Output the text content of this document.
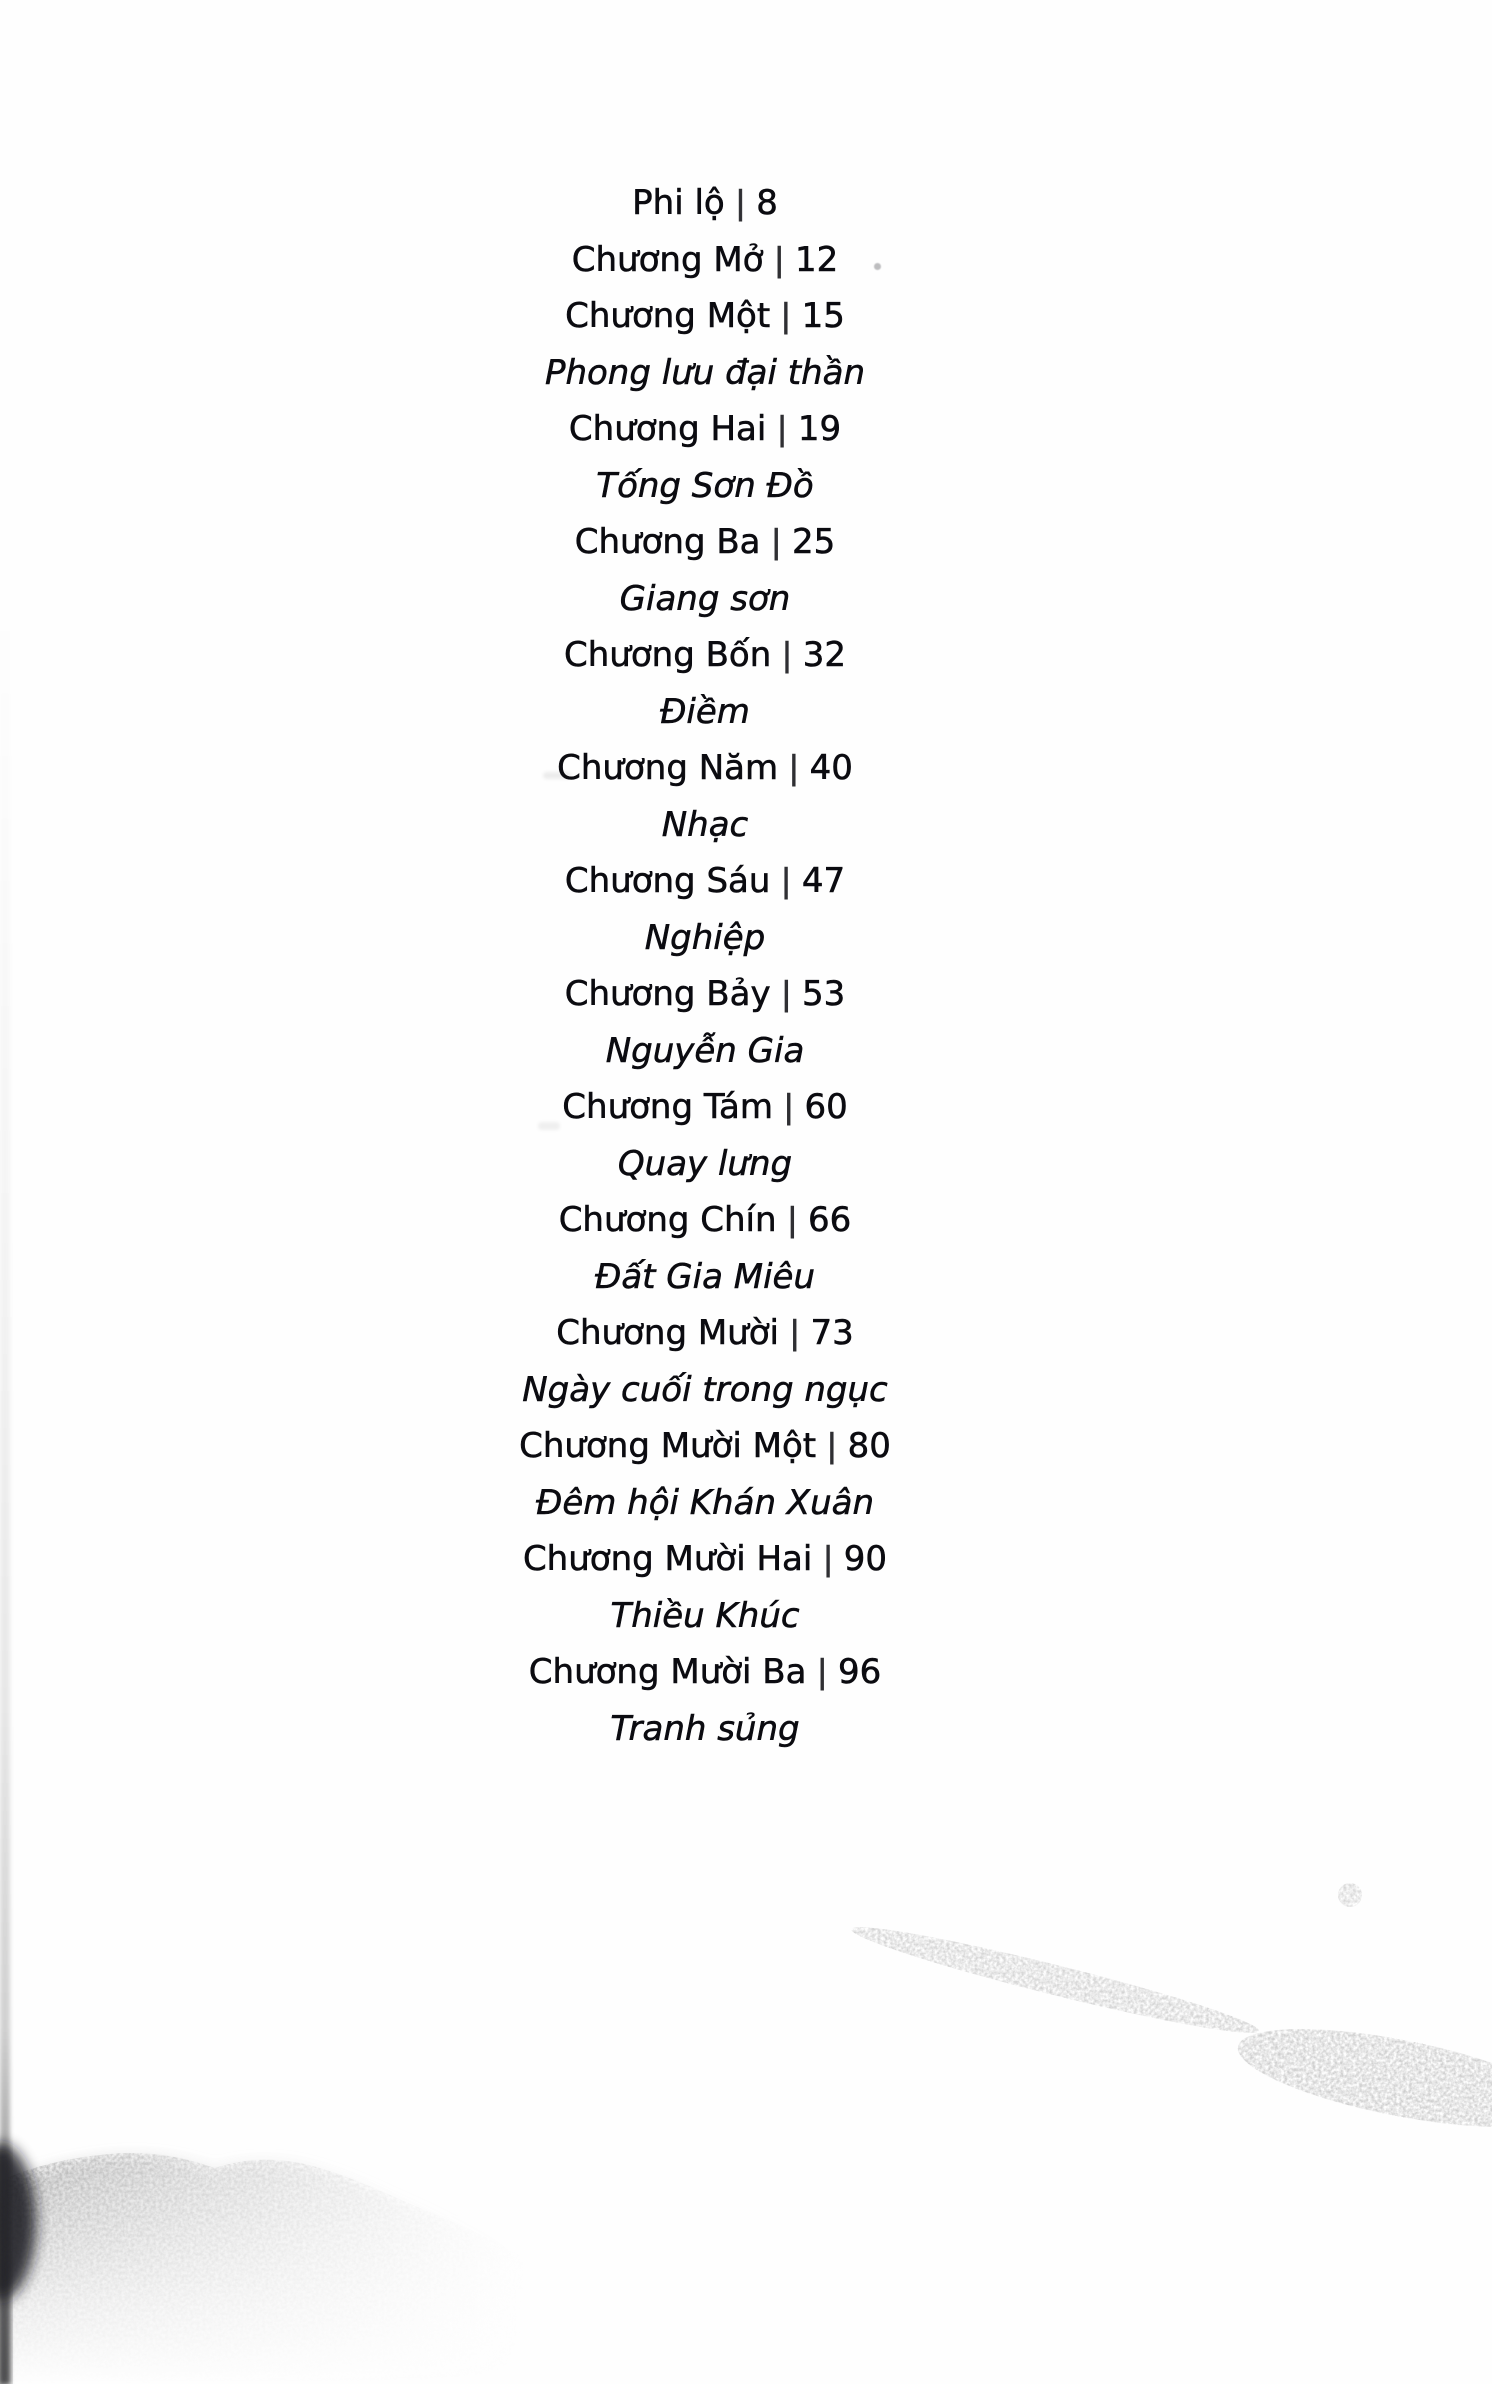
Phi lộ | 8
Chương Mở | 12
Chương Một | 15
Phong lưu đại thần
Chương Hai | 19
Tống Sơn Đồ
Chương Ba | 25
Giang sơn
Chương Bốn | 32
Điềm
Chương Năm | 40
Nhạc
Chương Sáu | 47
Nghiệp
Chương Bảy | 53
Nguyễn Gia
Chương Tám | 60
Quay lưng
Chương Chín | 66
Đất Gia Miêu
Chương Mười | 73
Ngày cuối trong ngục
Chương Mười Một | 80
Đêm hội Khán Xuân
Chương Mười Hai | 90
Thiều Khúc
Chương Mười Ba | 96
Tranh sủng
